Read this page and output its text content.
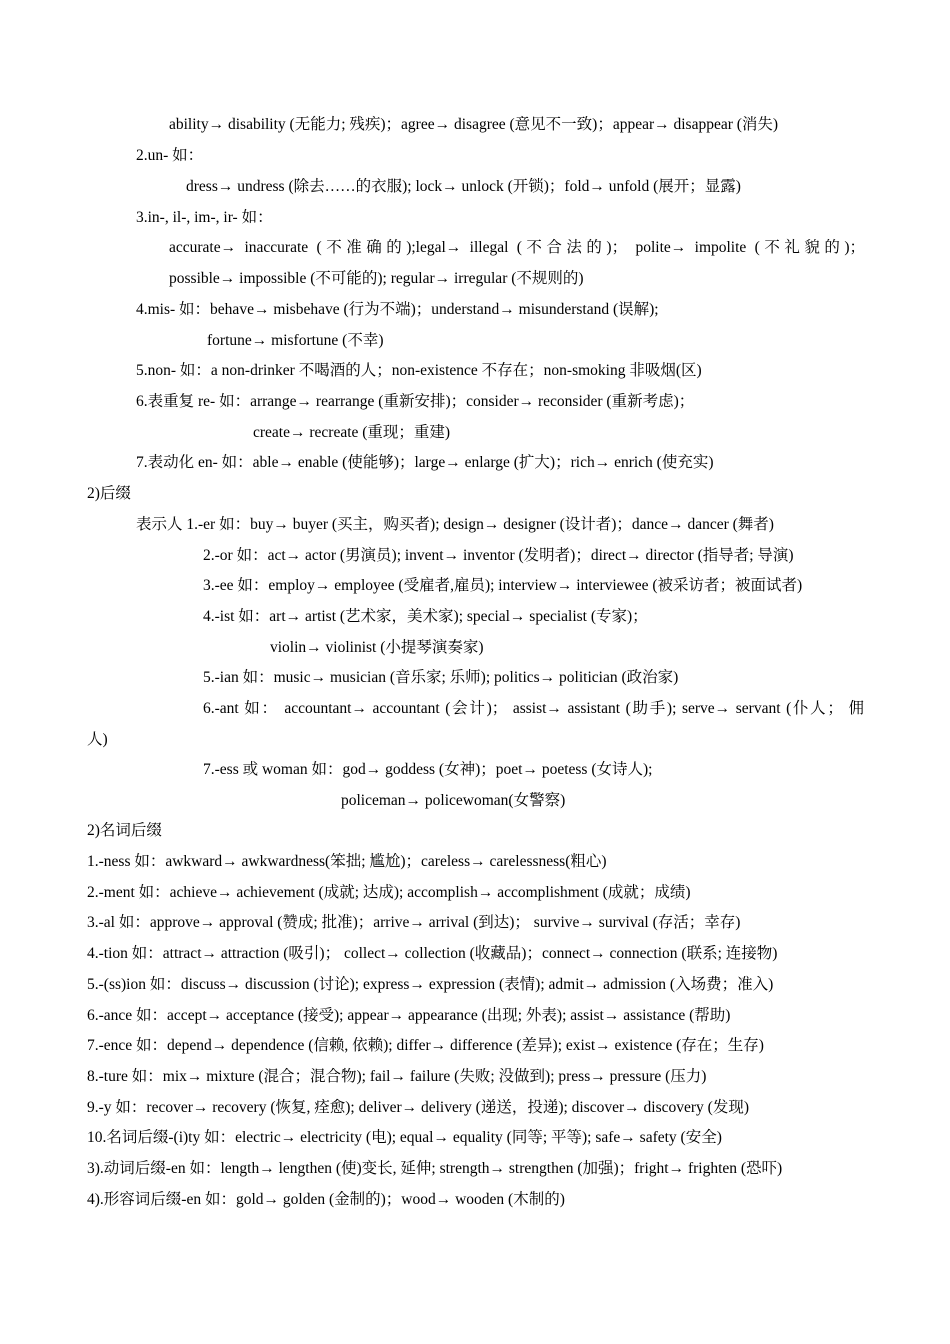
ability→ disability (无能力; 残疾)；agree→ disagree (意见不一致)；appear→ disappear (消失)
2.un- 如：
dress→ undress (除去……的衣服); lock→ unlock (开锁)；fold→ unfold (展开；显露)
3.in-, il-, im-, ir- 如：
accurate→ inaccurate (不准确的);legal→ illegal (不合法的)； polite→ impolite (不礼貌的)；
possible→ impossible (不可能的); regular→ irregular (不规则的)
4.mis- 如：behave→ misbehave (行为不端)；understand→ misunderstand (误解);
fortune→ misfortune (不幸)
5.non- 如：a non-drinker 不喝酒的人；non-existence 不存在；non-smoking 非吸烟(区)
6.表重复 re- 如：arrange→ rearrange (重新安排)；consider→ reconsider (重新考虑)；
create→ recreate (重现；重建)
7.表动化 en- 如：able→ enable (使能够)；large→ enlarge (扩大)；rich→ enrich (使充实)
2)后缀
表示人 1.-er 如：buy→ buyer (买主，购买者); design→ designer (设计者)；dance→ dancer (舞者)
2.-or 如：act→ actor (男演员); invent→ inventor (发明者)；direct→ director (指导者; 导演)
3.-ee 如：employ→ employee (受雇者,雇员); interview→ interviewee (被采访者；被面试者)
4.-ist 如：art→ artist (艺术家，美术家); special→ specialist (专家)；
violin→ violinist (小提琴演奏家)
5.-ian 如：music→ musician (音乐家; 乐师); politics→ politician (政治家)
6.-ant 如： accountant→ accountant (会计)； assist→ assistant (助手); serve→ servant (仆人； 佣
人)
7.-ess 或 woman 如：god→ goddess (女神)；poet→ poetess (女诗人);
policeman→ policewoman(女警察)
2)名词后缀
1.-ness 如：awkward→ awkwardness(笨拙; 尴尬)；careless→ carelessness(粗心)
2.-ment 如：achieve→ achievement (成就; 达成); accomplish→ accomplishment (成就；成绩)
3.-al 如：approve→ approval (赞成; 批准)；arrive→ arrival (到达)； survive→ survival (存活；幸存)
4.-tion 如：attract→ attraction (吸引)； collect→ collection (收藏品)；connect→ connection (联系; 连接物)
5.-(ss)ion 如：discuss→ discussion (讨论); express→ expression (表情); admit→ admission (入场费；准入)
6.-ance 如：accept→ acceptance (接受); appear→ appearance (出现; 外表); assist→ assistance (帮助)
7.-ence 如：depend→ dependence (信赖, 依赖); differ→ difference (差异); exist→ existence (存在；生存)
8.-ture 如：mix→ mixture (混合；混合物); fail→ failure (失败; 没做到); press→ pressure (压力)
9.-y 如：recover→ recovery (恢复, 痊愈); deliver→ delivery (递送，投递); discover→ discovery (发现)
10.名词后缀-(i)ty 如：electric→ electricity (电); equal→ equality (同等; 平等); safe→ safety (安全)
3).动词后缀-en 如：length→ lengthen (使)变长, 延伸; strength→ strengthen (加强)；fright→ frighten (恐吓)
4).形容词后缀-en 如：gold→ golden (金制的)；wood→ wooden (木制的)
